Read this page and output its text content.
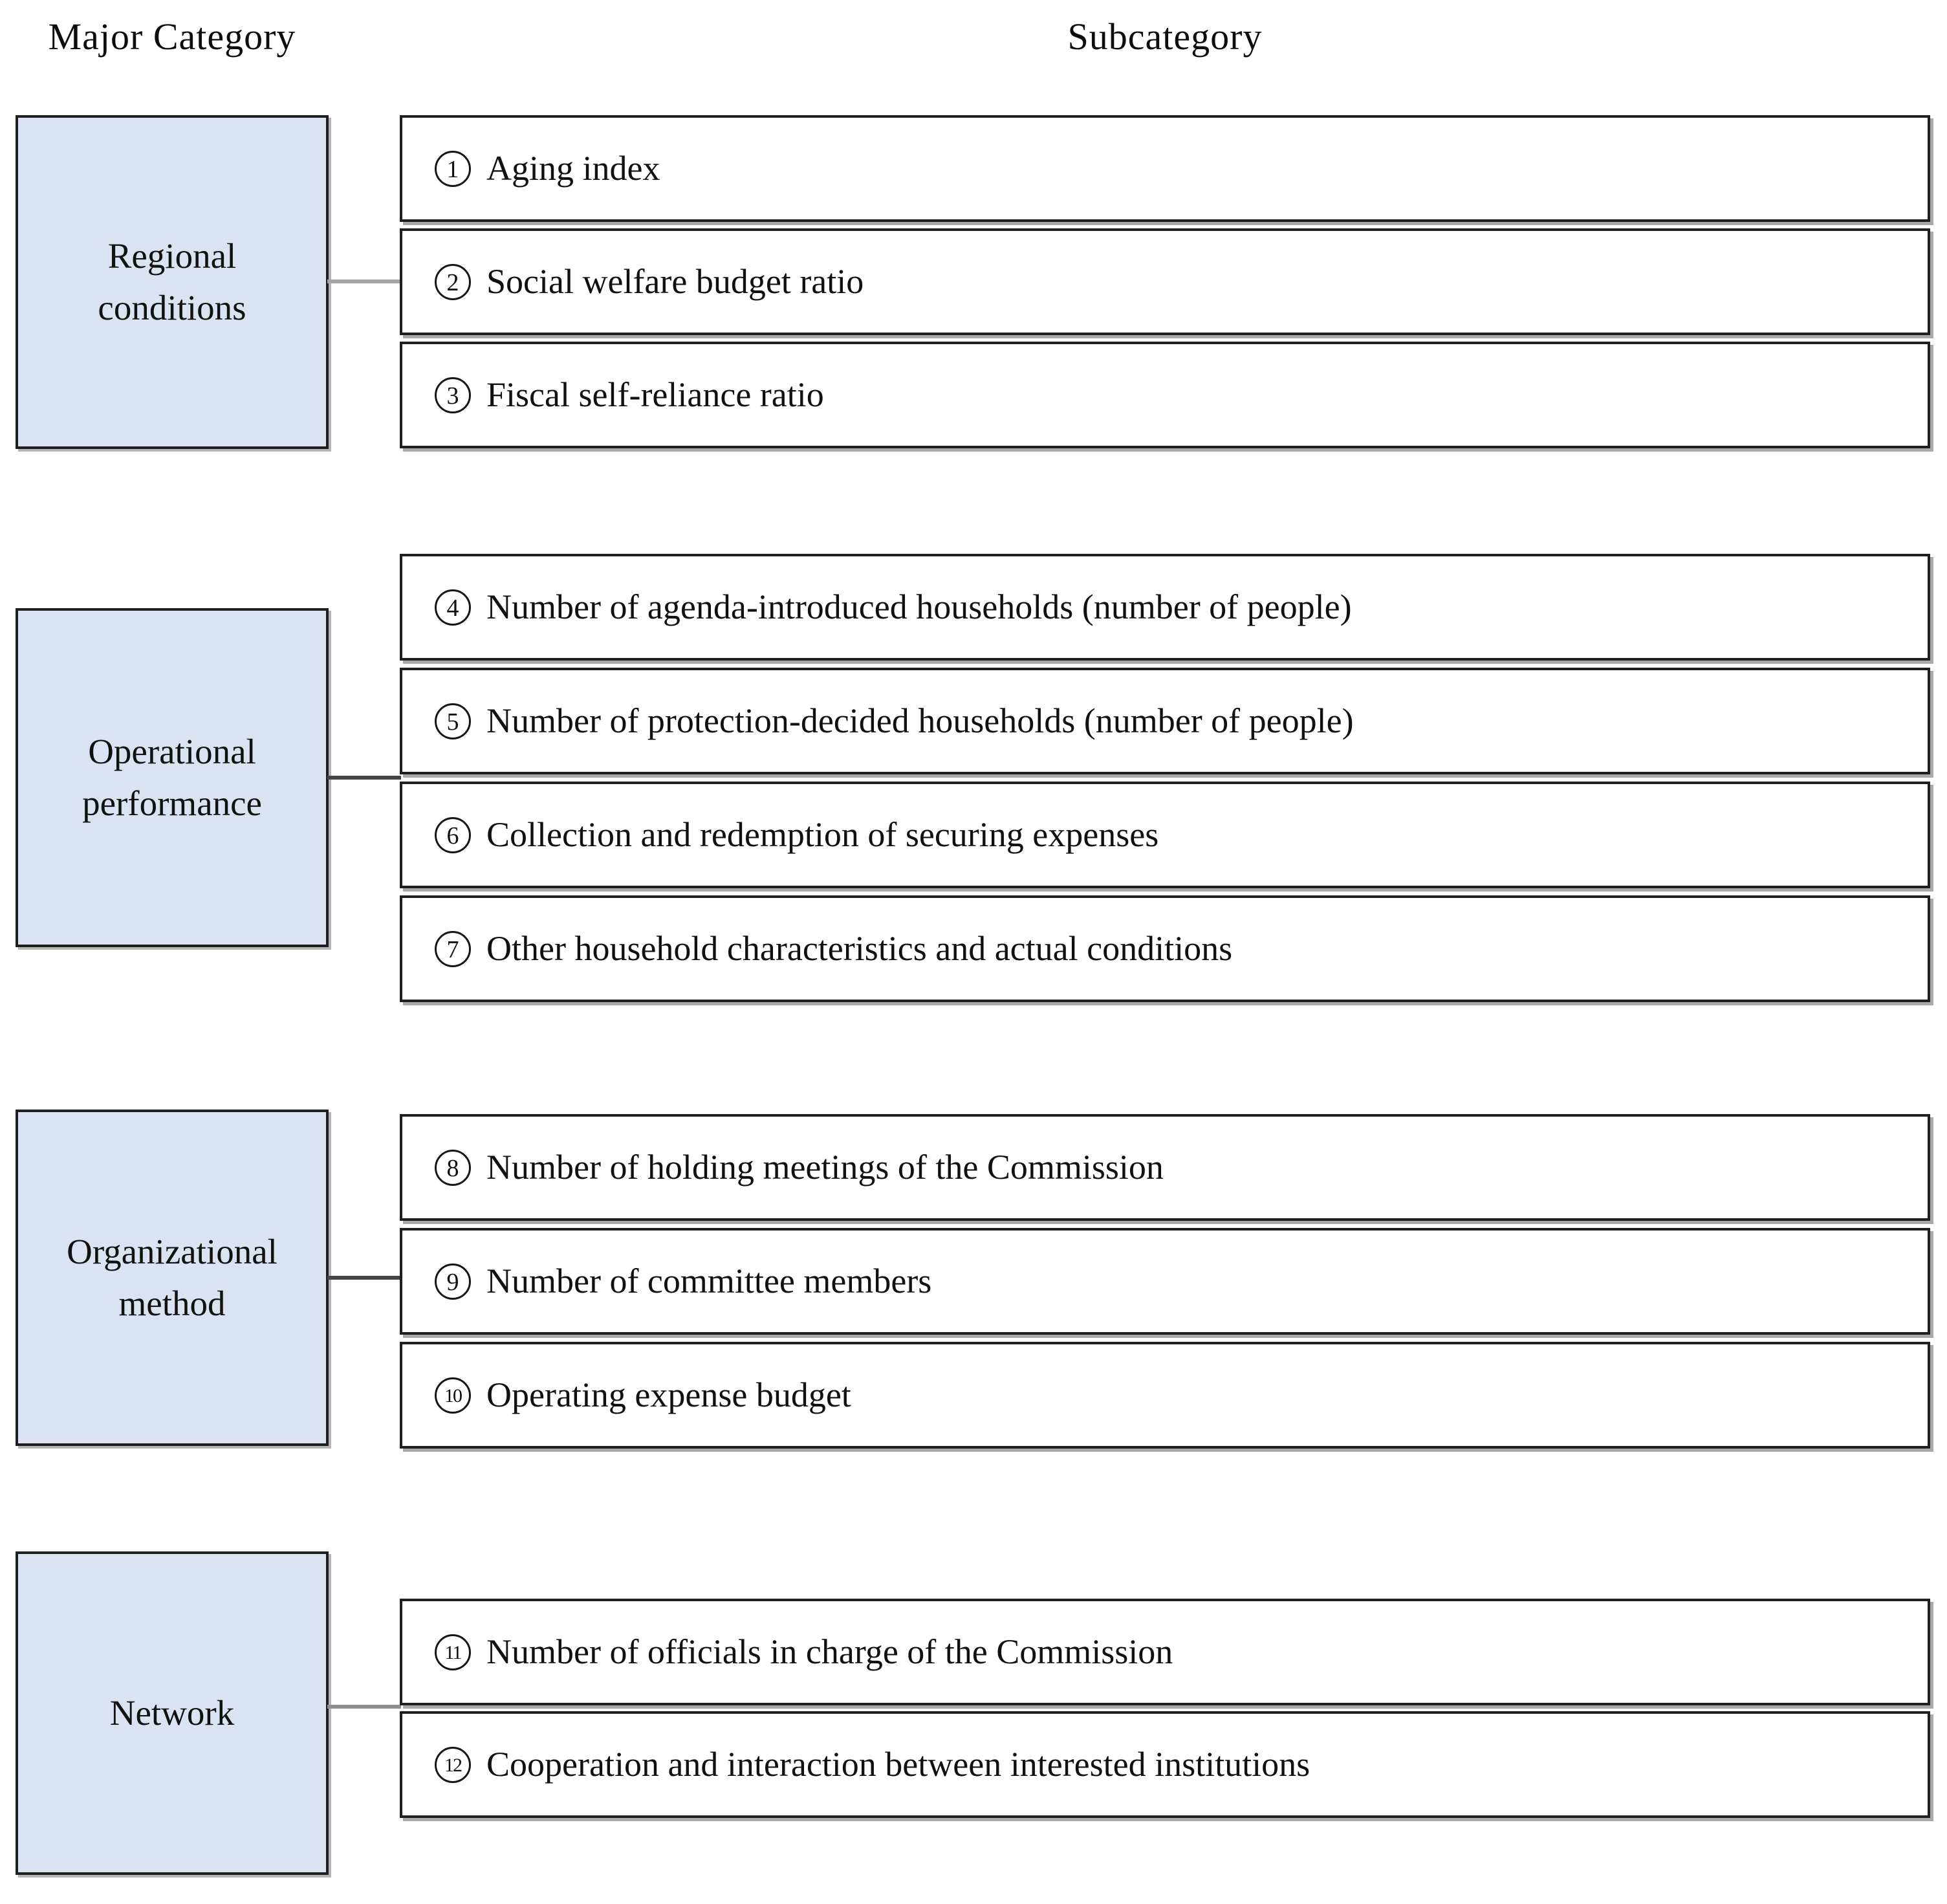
Major Category	Subcategory
Regional conditions
1 Aging index
2 Social welfare budget ratio
3 Fiscal self-reliance ratio
Operational performance
4 Number of agenda-introduced households (number of people)
5 Number of protection-decided households (number of people)
6 Collection and redemption of securing expenses
7 Other household characteristics and actual conditions
Organizational method
8 Number of holding meetings of the Commission
9 Number of committee members
10 Operating expense budget
Network
11 Number of officials in charge of the Commission
12 Cooperation and interaction between interested institutions
